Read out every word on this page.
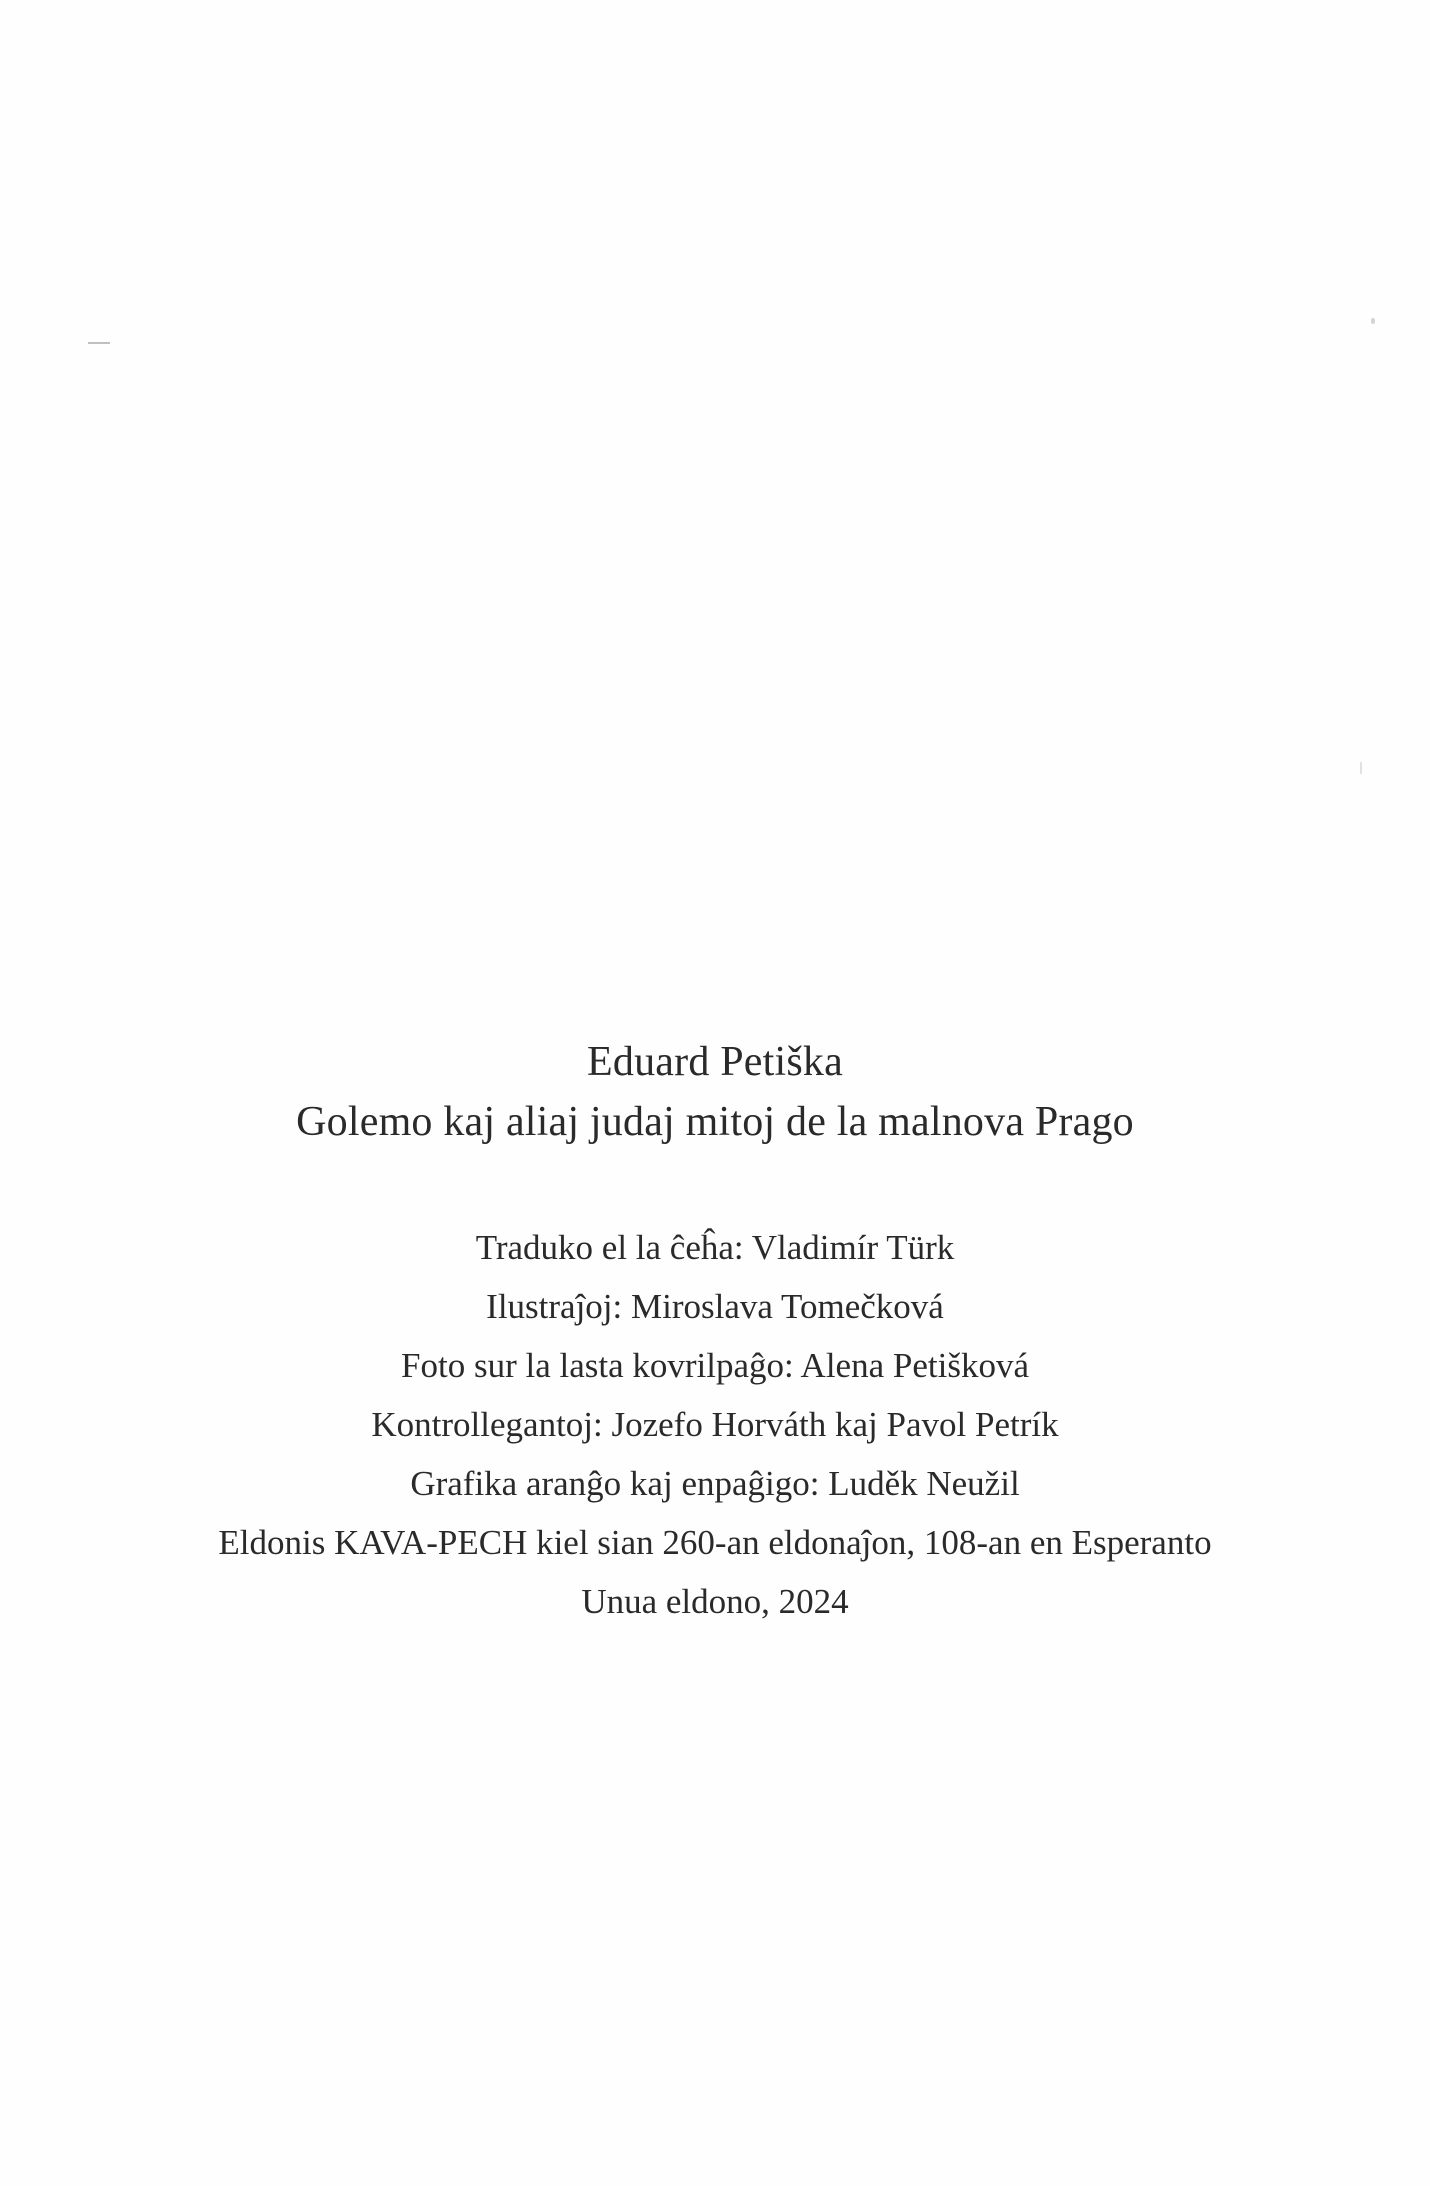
Eduard Petiška
Golemo kaj aliaj judaj mitoj de la malnova Prago
Traduko el la ĉeĥa: Vladimír Türk
Ilustraĵoj: Miroslava Tomečková
Foto sur la lasta kovrilpaĝo: Alena Petišková
Kontrollegantoj: Jozefo Horváth kaj Pavol Petrík
Grafika aranĝo kaj enpaĝigo: Luděk Neužil
Eldonis KAVA-PECH kiel sian 260-an eldonaĵon, 108-an en Esperanto
Unua eldono, 2024
